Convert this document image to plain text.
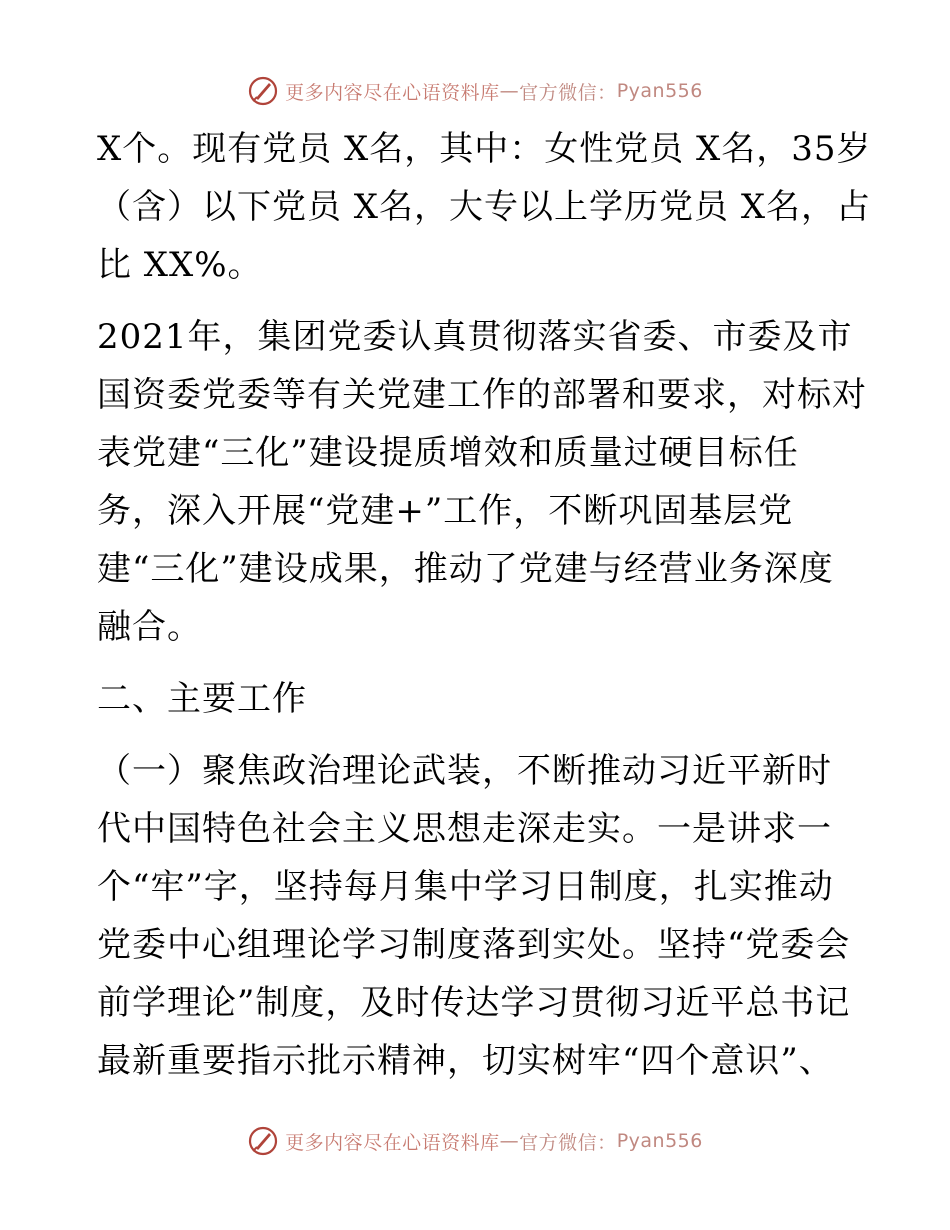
更多内容尽在心语资料库 — 官方微信： Pyan556
X个。现有党员 X名，其中：女性党员 X名，35岁
（含）以下党员 X名，大专以上学历党员 X名，占
比 XX%。
2021年，集团党委认真贯彻落实省委、市委及市
国资委党委等有关党建工作的部署和要求，对标对
表党建“三化”建设提质增效和质量过硬目标任
务，深入开展“党建+”工作，不断巩固基层党
建“三化”建设成果，推动了党建与经营业务深度
融合。
二、主要工作
（一）聚焦政治理论武装，不断推动习近平新时
代中国特色社会主义思想走深走实。一是讲求一
个“牢”字，坚持每月集中学习日制度，扎实推动
党委中心组理论学习制度落到实处。坚持“党委会
前学理论”制度，及时传达学习贯彻习近平总书记
最新重要指示批示精神，切实树牢“四个意识”、
更多内容尽在心语资料库 — 官方微信： Pyan556
